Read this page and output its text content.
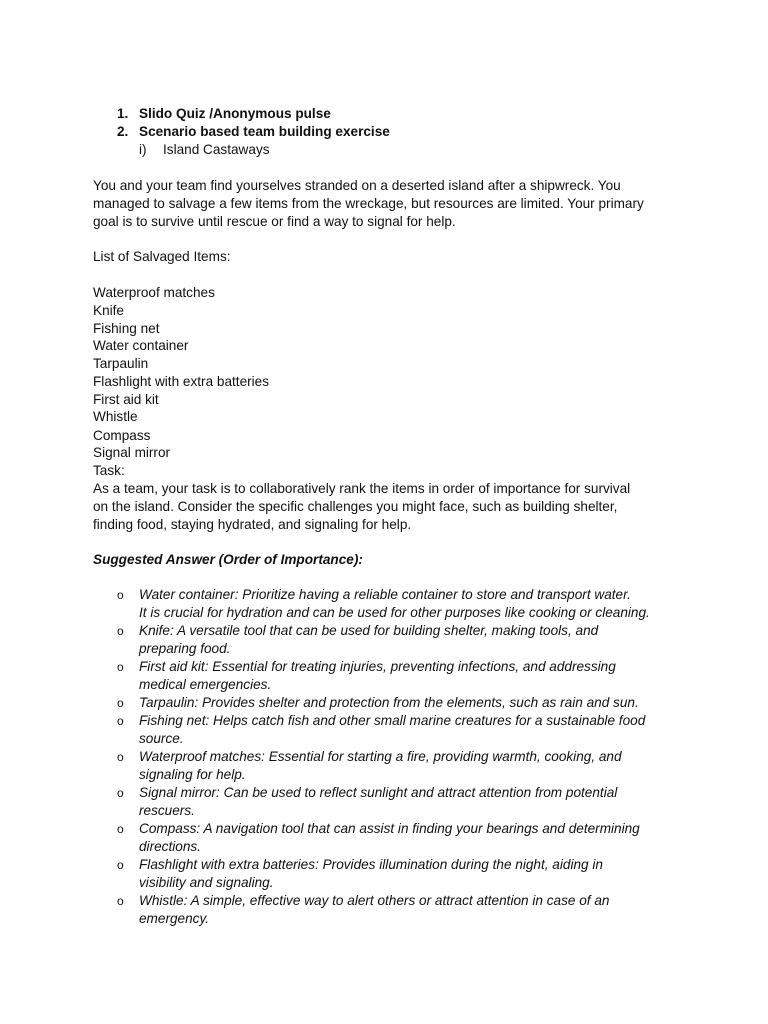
1. Slido Quiz /Anonymous pulse
2. Scenario based team building exercise
i) Island Castaways
You and your team find yourselves stranded on a deserted island after a shipwreck. You
managed to salvage a few items from the wreckage, but resources are limited. Your primary
goal is to survive until rescue or find a way to signal for help.
List of Salvaged Items:
Waterproof matches
Knife
Fishing net
Water container
Tarpaulin
Flashlight with extra batteries
First aid kit
Whistle
Compass
Signal mirror
Task:
As a team, your task is to collaboratively rank the items in order of importance for survival
on the island. Consider the specific challenges you might face, such as building shelter,
finding food, staying hydrated, and signaling for help.
Suggested Answer (Order of Importance):
o Water container: Prioritize having a reliable container to store and transport water.
It is crucial for hydration and can be used for other purposes like cooking or cleaning.
o Knife: A versatile tool that can be used for building shelter, making tools, and
preparing food.
o First aid kit: Essential for treating injuries, preventing infections, and addressing
medical emergencies.
o Tarpaulin: Provides shelter and protection from the elements, such as rain and sun.
o Fishing net: Helps catch fish and other small marine creatures for a sustainable food
source.
o Waterproof matches: Essential for starting a fire, providing warmth, cooking, and
signaling for help.
o Signal mirror: Can be used to reflect sunlight and attract attention from potential
rescuers.
o Compass: A navigation tool that can assist in finding your bearings and determining
directions.
o Flashlight with extra batteries: Provides illumination during the night, aiding in
visibility and signaling.
o Whistle: A simple, effective way to alert others or attract attention in case of an
emergency.
